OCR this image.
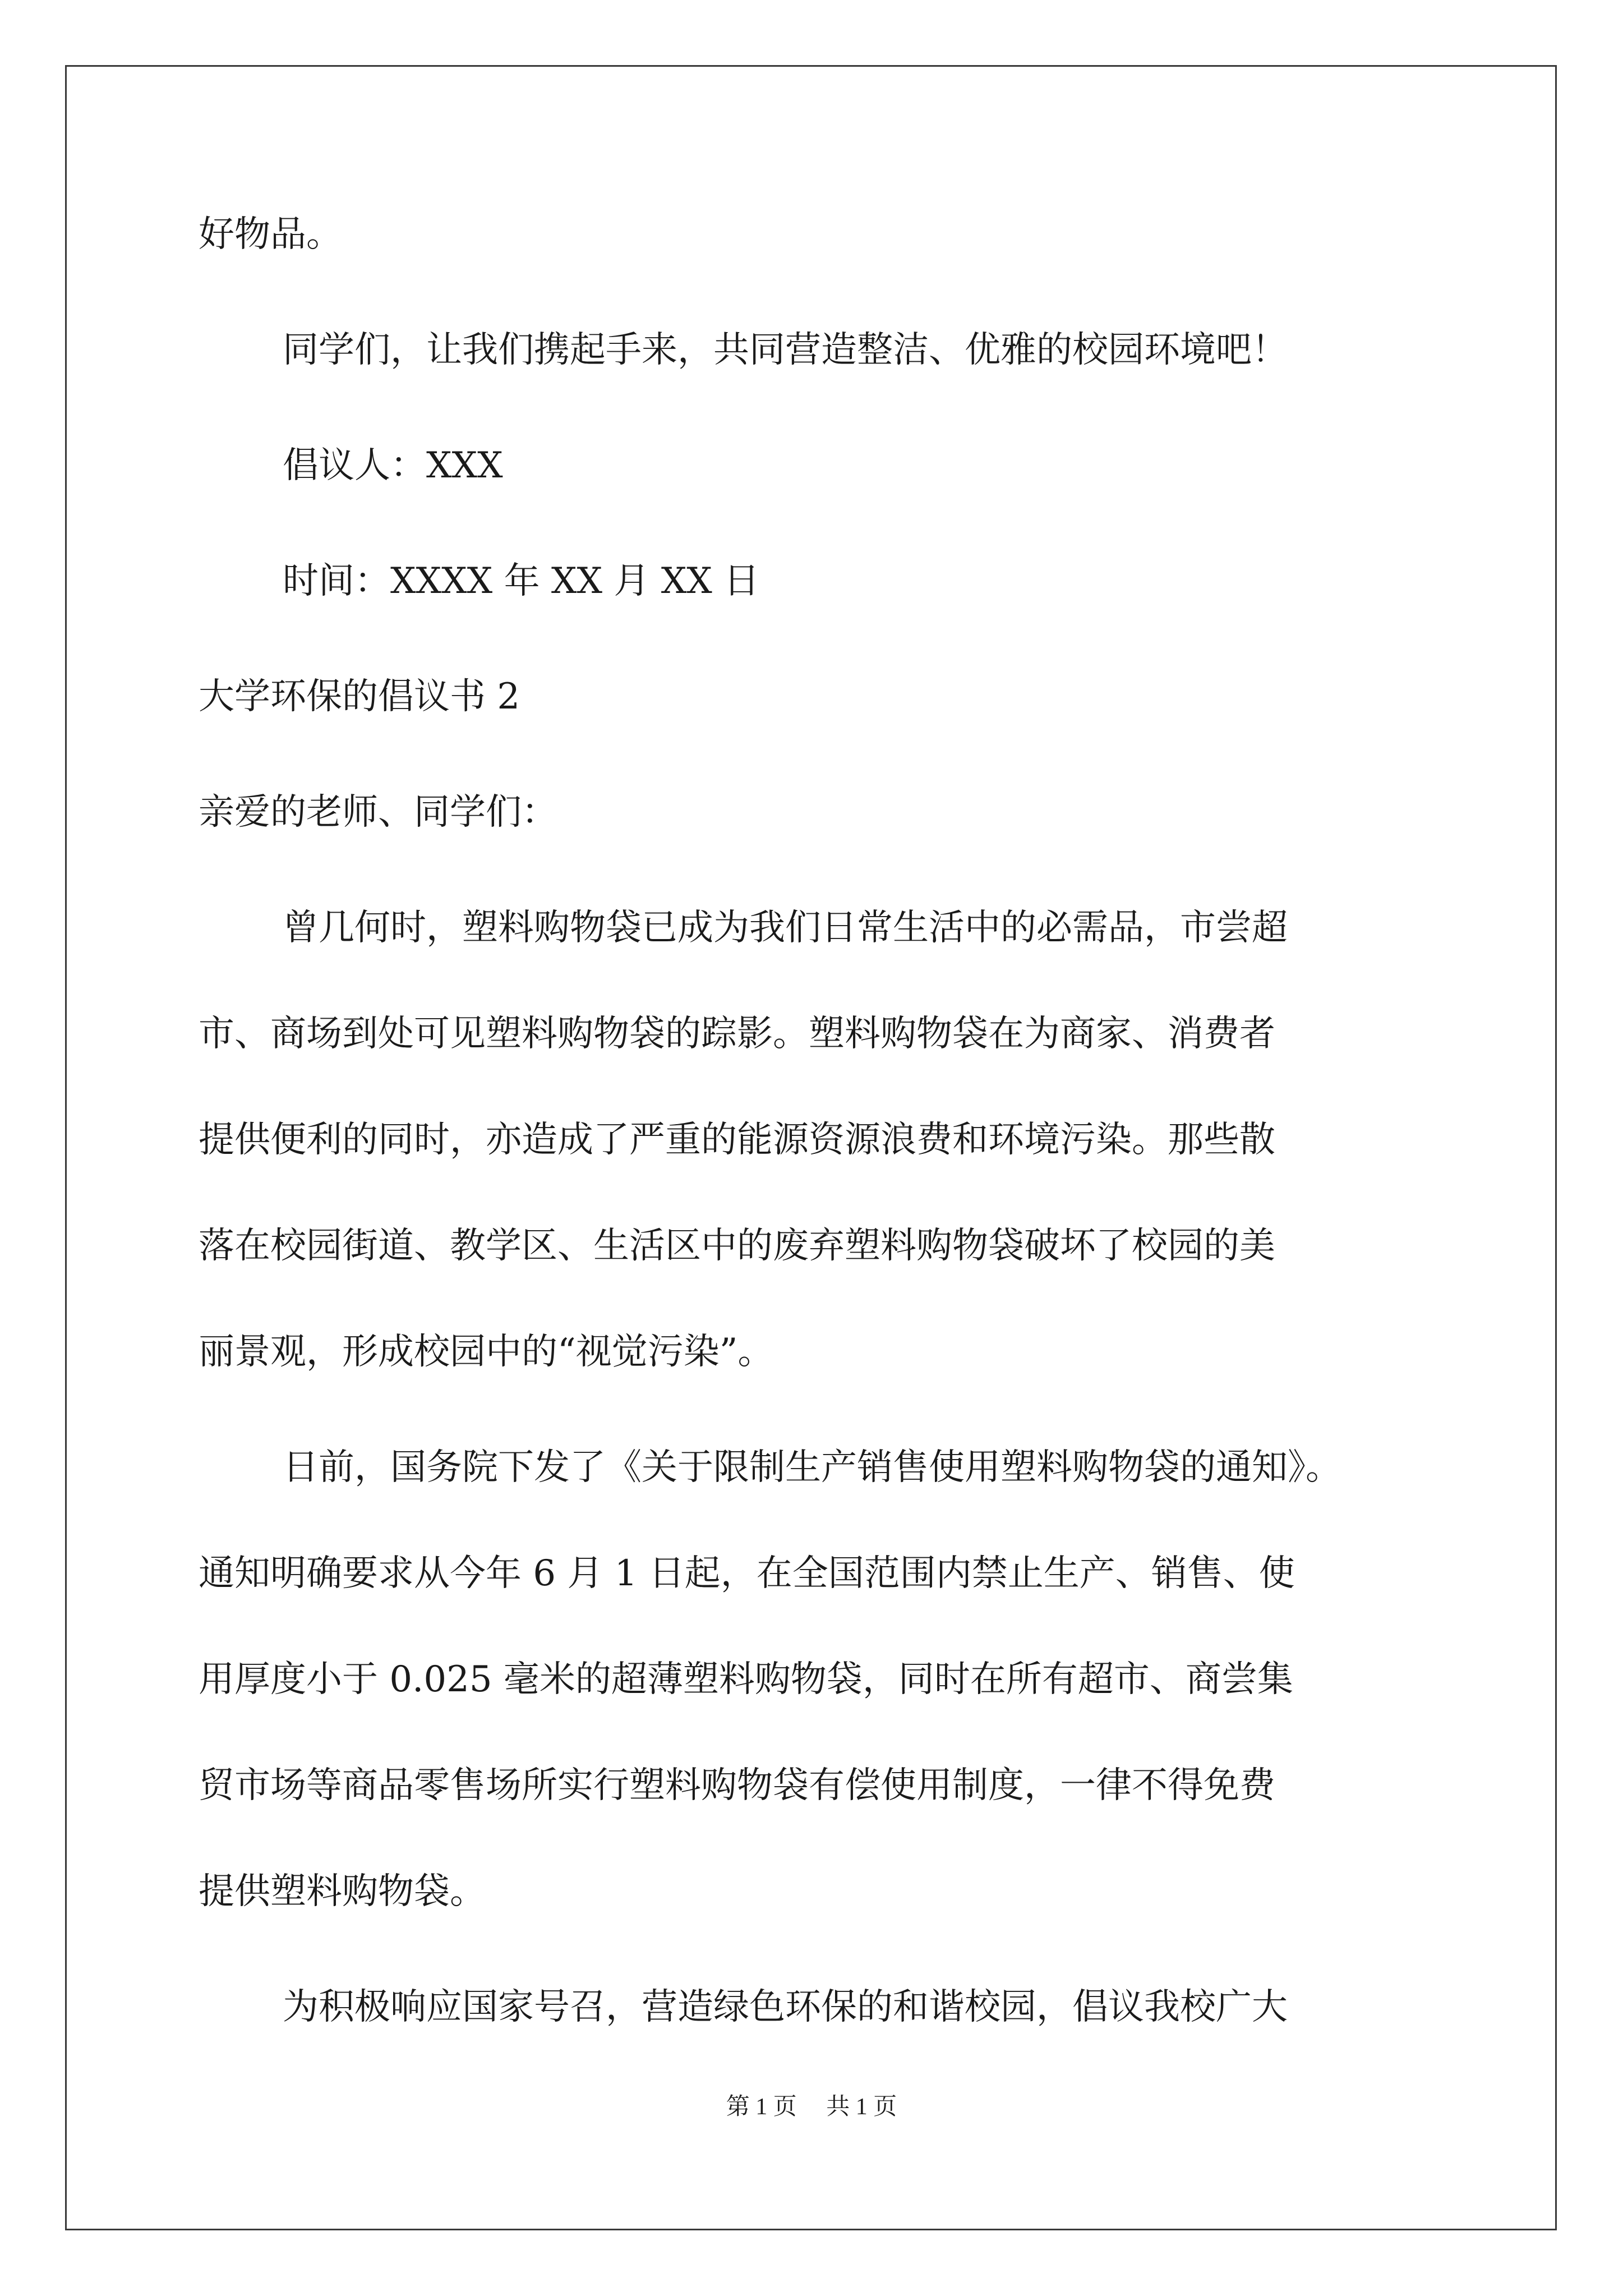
好物品。
同学们，让我们携起手来，共同营造整洁、优雅的校园环境吧！
倡议人：XXX
时间：XXXX 年 XX 月 XX 日
大学环保的倡议书 2
亲爱的老师、同学们：
曾几何时，塑料购物袋已成为我们日常生活中的必需品，市尝超
市、商场到处可见塑料购物袋的踪影。塑料购物袋在为商家、消费者
提供便利的同时，亦造成了严重的能源资源浪费和环境污染。那些散
落在校园街道、教学区、生活区中的废弃塑料购物袋破坏了校园的美
丽景观，形成校园中的“视觉污染”。
日前，国务院下发了《关于限制生产销售使用塑料购物袋的通知》。
通知明确要求从今年 6 月 1 日起，在全国范围内禁止生产、销售、使
用厚度小于 0.025 毫米的超薄塑料购物袋，同时在所有超市、商尝集
贸市场等商品零售场所实行塑料购物袋有偿使用制度，一律不得免费
提供塑料购物袋。
为积极响应国家号召，营造绿色环保的和谐校园，倡议我校广大
第 1 页　 共 1 页
